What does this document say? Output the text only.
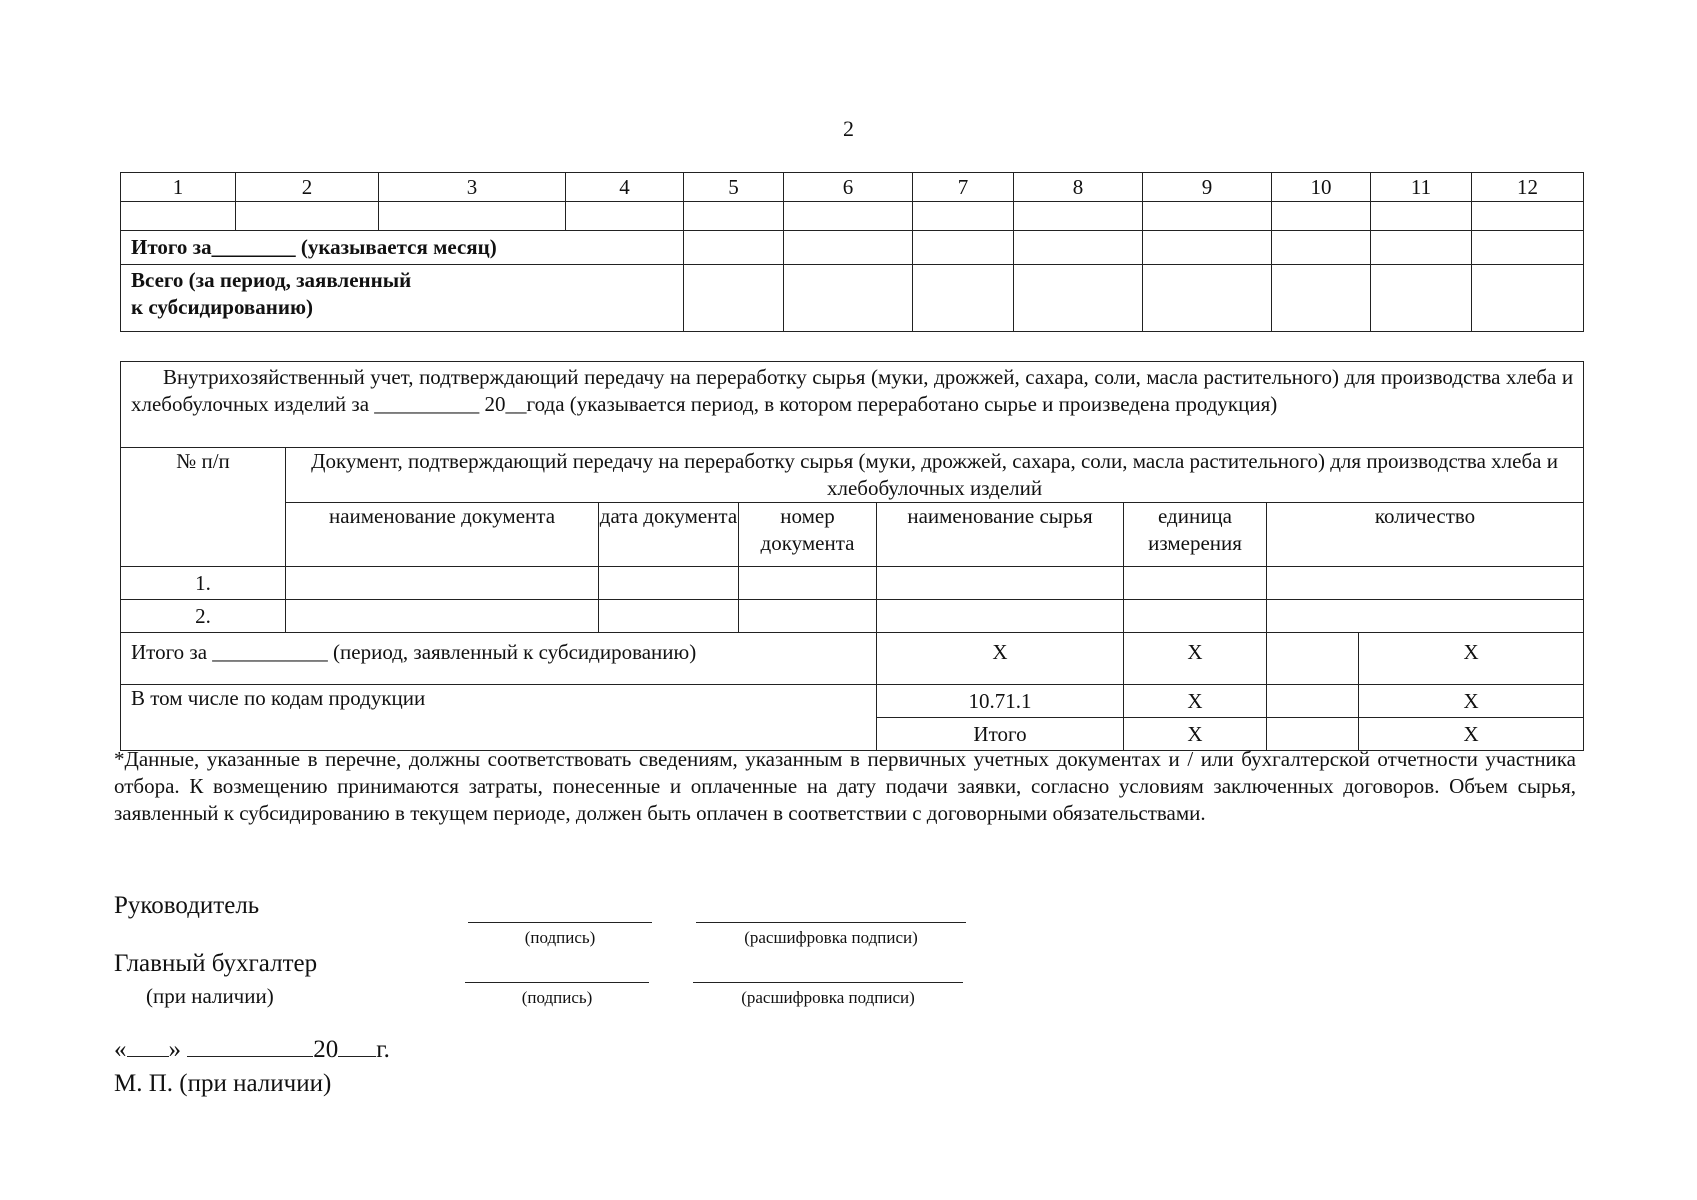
2
1	2	3	4	5	6	7	8	9	10	11	12

Итого за________ (указывается месяц)											

Всего (за период, заявленный
к субсидированию)											

Внутрихозяйственный учет, подтверждающий передачу на переработку сырья (муки, дрожжей, сахара, соли, масла растительного) для производства хлеба и хлебобулочных изделий за __________ 20__года (указывается период, в котором переработано сырье и произведена продукция)							
№ п/п	Документ, подтверждающий передачу на переработку сырья (муки, дрожжей, сахара, соли, масла растительного) для производства хлеба и хлебобулочных изделий						
	наименование документа	дата документа	номер документа	наименование сырья	единица измерения	количество	
1.							
2.							
Итого за ___________ (период, заявленный к субсидированию)				Х	Х		Х
В том числе по кодам продукции				10.71.1	Х		Х
				Итого	Х		Х
*Данные, указанные в перечне, должны соответствовать сведениям, указанным в первичных учетных документах и / или бухгалтерской отчетности участника отбора. К возмещению принимаются затраты, понесенные и оплаченные на дату подачи заявки, согласно условиям заключенных договоров. Объем сырья, заявленный к субсидированию в текущем периоде, должен быть оплачен в соответствии с договорными обязательствами.
Руководитель
(подпись)	(расшифровка подписи)
Главный бухгалтер
(при наличии)	(подпись)	(расшифровка подписи)
« »	20 г.
М. П. (при наличии)
